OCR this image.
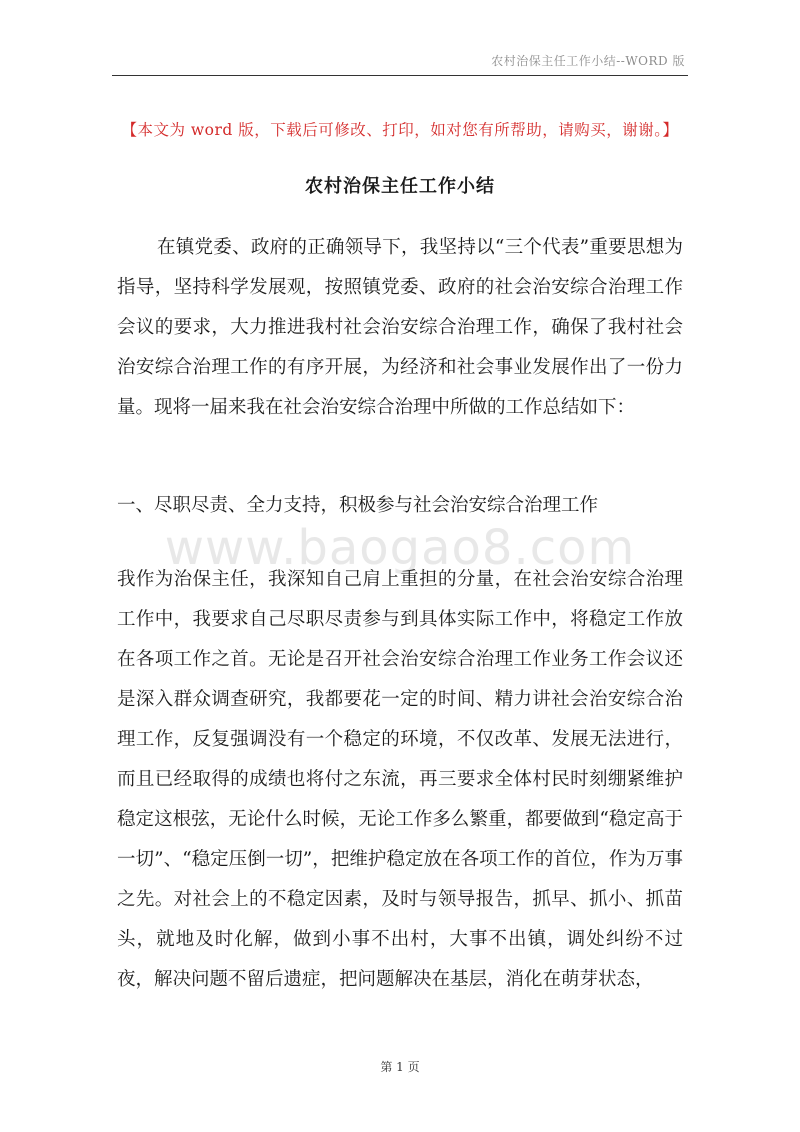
农村治保主任工作小结--WORD 版
【本文为 word 版，下载后可修改、打印，如对您有所帮助，请购买，谢谢。】
农村治保主任工作小结

在镇党委、政府的正确领导下，我坚持以“三个代表”重要思想为指导，坚持科学发展观，按照镇党委、政府的社会治安综合治理工作会议的要求，大力推进我村社会治安综合治理工作，确保了我村社会治安综合治理工作的有序开展，为经济和社会事业发展作出了一份力量。现将一届来我在社会治安综合治理中所做的工作总结如下：

一、尽职尽责、全力支持，积极参与社会治安综合治理工作
www.baogao8.com

我作为治保主任，我深知自己肩上重担的分量，在社会治安综合治理工作中，我要求自己尽职尽责参与到具体实际工作中，将稳定工作放在各项工作之首。无论是召开社会治安综合治理工作业务工作会议还是深入群众调查研究，我都要花一定的时间、精力讲社会治安综合治理工作，反复强调没有一个稳定的环境，不仅改革、发展无法进行，而且已经取得的成绩也将付之东流，再三要求全体村民时刻绷紧维护稳定这根弦，无论什么时候，无论工作多么繁重，都要做到“稳定高于一切”、“稳定压倒一切”，把维护稳定放在各项工作的首位，作为万事之先。对社会上的不稳定因素，及时与领导报告，抓早、抓小、抓苗头，就地及时化解，做到小事不出村，大事不出镇，调处纠纷不过夜，解决问题不留后遗症，把问题解决在基层，消化在萌芽状态，

第 1 页
